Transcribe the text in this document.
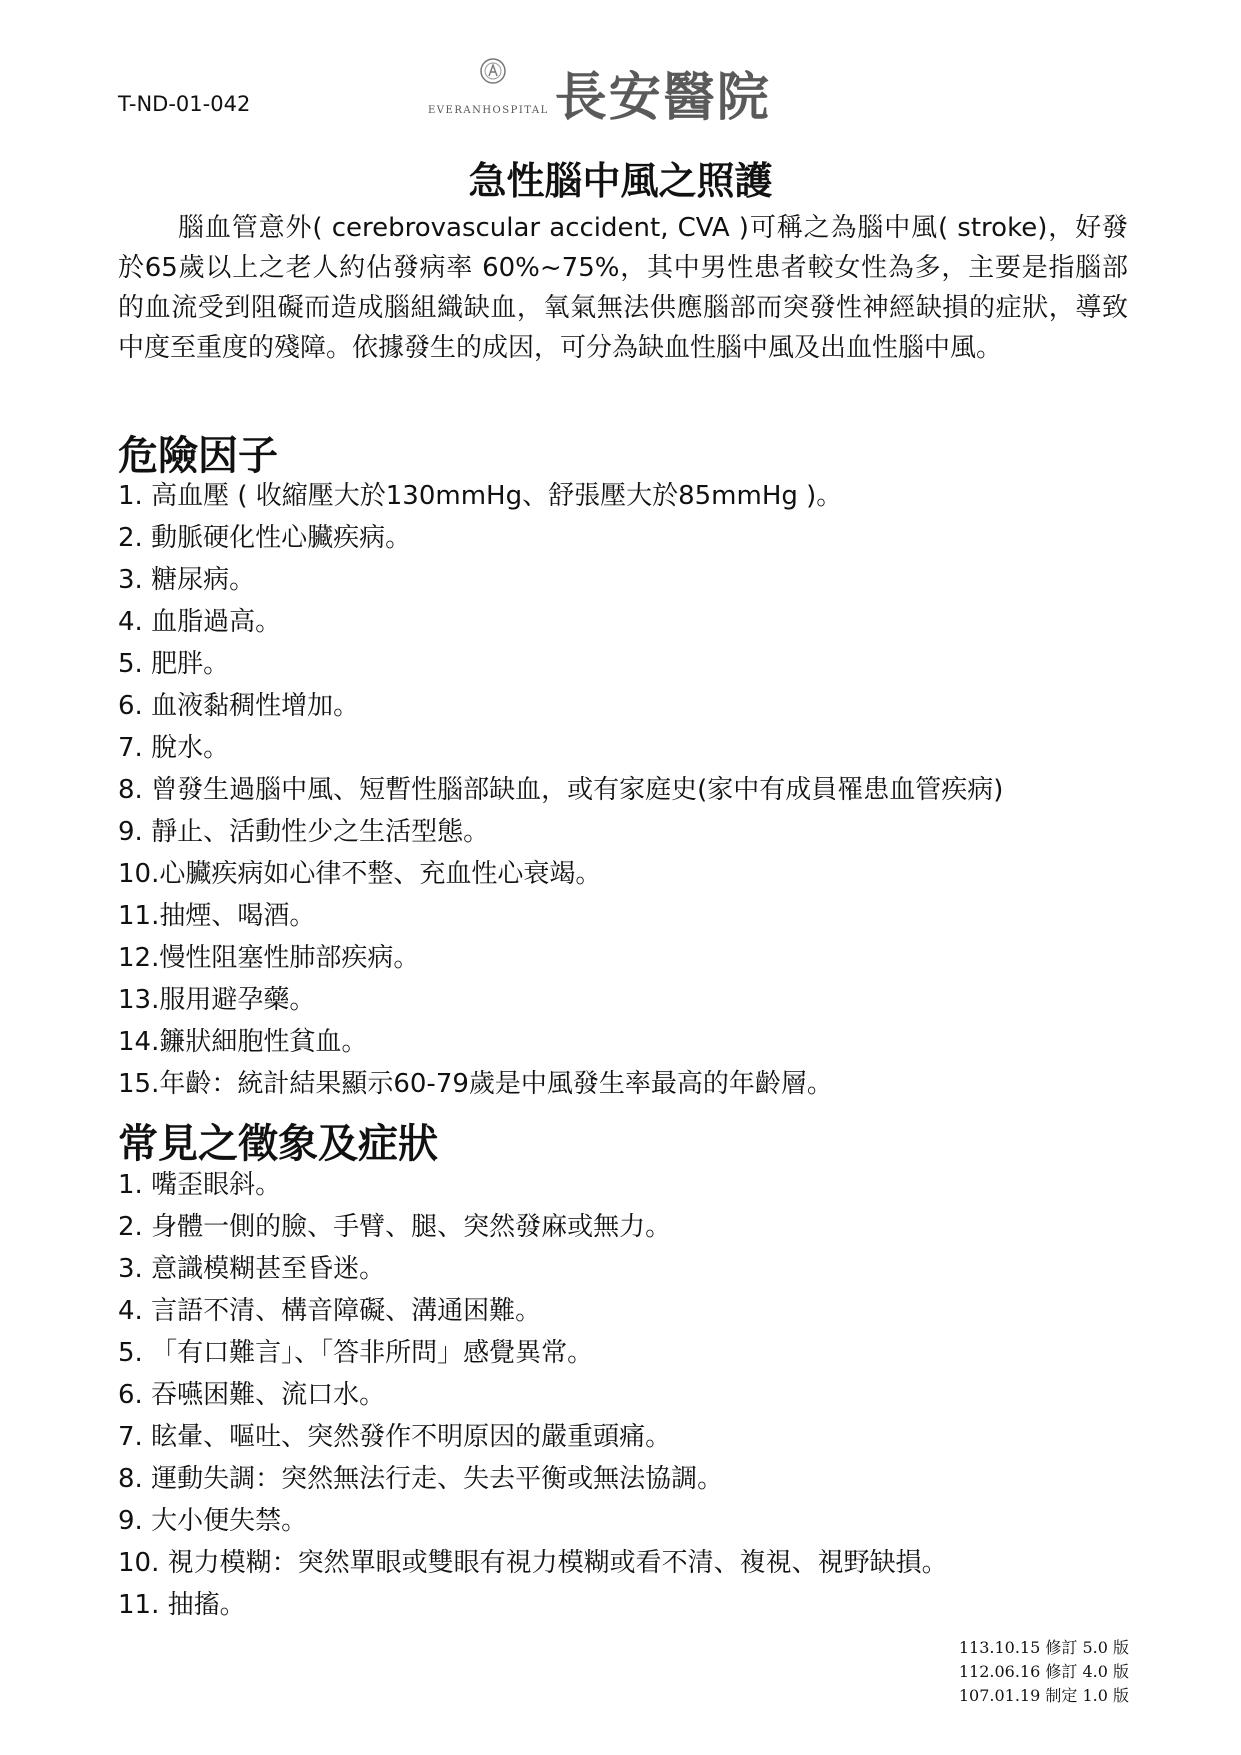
T-ND-01-042	EVERANHOSPITAL 長安醫院
急性腦中風之照護

腦血管意外( cerebrovascular accident, CVA )可稱之為腦中風( stroke)，好發於65歲以上之老人約佔發病率 60%~75%，其中男性患者較女性為多，主要是指腦部的血流受到阻礙而造成腦組織缺血，氧氣無法供應腦部而突發性神經缺損的症狀，導致中度至重度的殘障。依據發生的成因，可分為缺血性腦中風及出血性腦中風。

危險因子
1. 高血壓 ( 收縮壓大於130mmHg、舒張壓大於85mmHg )。
2. 動脈硬化性心臟疾病。
3. 糖尿病。
4. 血脂過高。
5. 肥胖。
6. 血液黏稠性增加。
7. 脫水。
8. 曾發生過腦中風、短暫性腦部缺血，或有家庭史(家中有成員罹患血管疾病)
9. 靜止、活動性少之生活型態。
10.心臟疾病如心律不整、充血性心衰竭。
11.抽煙、喝酒。
12.慢性阻塞性肺部疾病。
13.服用避孕藥。
14.鐮狀細胞性貧血。
15.年齡：統計結果顯示60-79歲是中風發生率最高的年齡層。
常見之徵象及症狀
1. 嘴歪眼斜。
2. 身體一側的臉、手臂、腿、突然發麻或無力。
3. 意識模糊甚至昏迷。
4. 言語不清、構音障礙、溝通困難。
5. 「有口難言」、「答非所問」感覺異常。
6. 吞嚥困難、流口水。
7. 眩暈、嘔吐、突然發作不明原因的嚴重頭痛。
8. 運動失調：突然無法行走、失去平衡或無法協調。
9. 大小便失禁。
10. 視力模糊：突然單眼或雙眼有視力模糊或看不清、複視、視野缺損。
11. 抽搐。
113.10.15 修訂 5.0 版
112.06.16 修訂 4.0 版
107.01.19 制定 1.0 版
